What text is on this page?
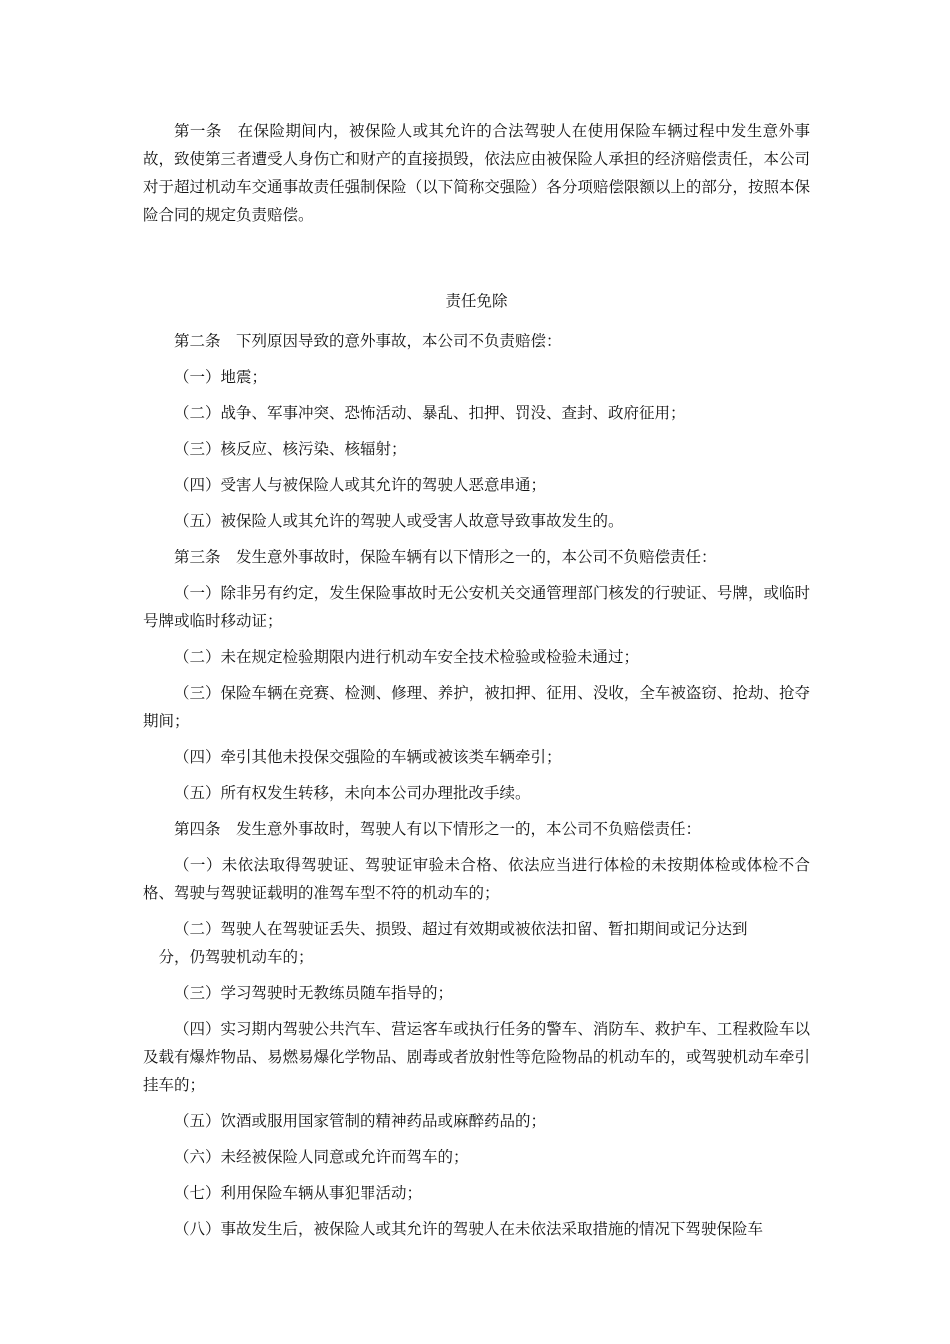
第一条　在保险期间内，被保险人或其允许的合法驾驶人在使用保险车辆过程中发生意外事故，致使第三者遭受人身伤亡和财产的直接损毁，依法应由被保险人承担的经济赔偿责任，本公司对于超过机动车交通事故责任强制保险（以下简称交强险）各分项赔偿限额以上的部分，按照本保险合同的规定负责赔偿。

责任免除

第二条　下列原因导致的意外事故，本公司不负责赔偿：

（一）地震；

（二）战争、军事冲突、恐怖活动、暴乱、扣押、罚没、查封、政府征用；

（三）核反应、核污染、核辐射；

（四）受害人与被保险人或其允许的驾驶人恶意串通；

（五）被保险人或其允许的驾驶人或受害人故意导致事故发生的。

第三条　发生意外事故时，保险车辆有以下情形之一的，本公司不负赔偿责任：

（一）除非另有约定，发生保险事故时无公安机关交通管理部门核发的行驶证、号牌，或临时号牌或临时移动证；

（二）未在规定检验期限内进行机动车安全技术检验或检验未通过；

（三）保险车辆在竞赛、检测、修理、养护，被扣押、征用、没收，全车被盗窃、抢劫、抢夺期间；

（四）牵引其他未投保交强险的车辆或被该类车辆牵引；

（五）所有权发生转移，未向本公司办理批改手续。

第四条　发生意外事故时，驾驶人有以下情形之一的，本公司不负赔偿责任：

（一）未依法取得驾驶证、驾驶证审验未合格、依法应当进行体检的未按期体检或体检不合格、驾驶与驾驶证载明的准驾车型不符的机动车的；

（二）驾驶人在驾驶证丢失、损毁、超过有效期或被依法扣留、暂扣期间或记分达到

分，仍驾驶机动车的；

（三）学习驾驶时无教练员随车指导的；

（四）实习期内驾驶公共汽车、营运客车或执行任务的警车、消防车、救护车、工程救险车以及载有爆炸物品、易燃易爆化学物品、剧毒或者放射性等危险物品的机动车的，或驾驶机动车牵引挂车的；

（五）饮酒或服用国家管制的精神药品或麻醉药品的；

（六）未经被保险人同意或允许而驾车的；

（七）利用保险车辆从事犯罪活动；

（八）事故发生后，被保险人或其允许的驾驶人在未依法采取措施的情况下驾驶保险车
